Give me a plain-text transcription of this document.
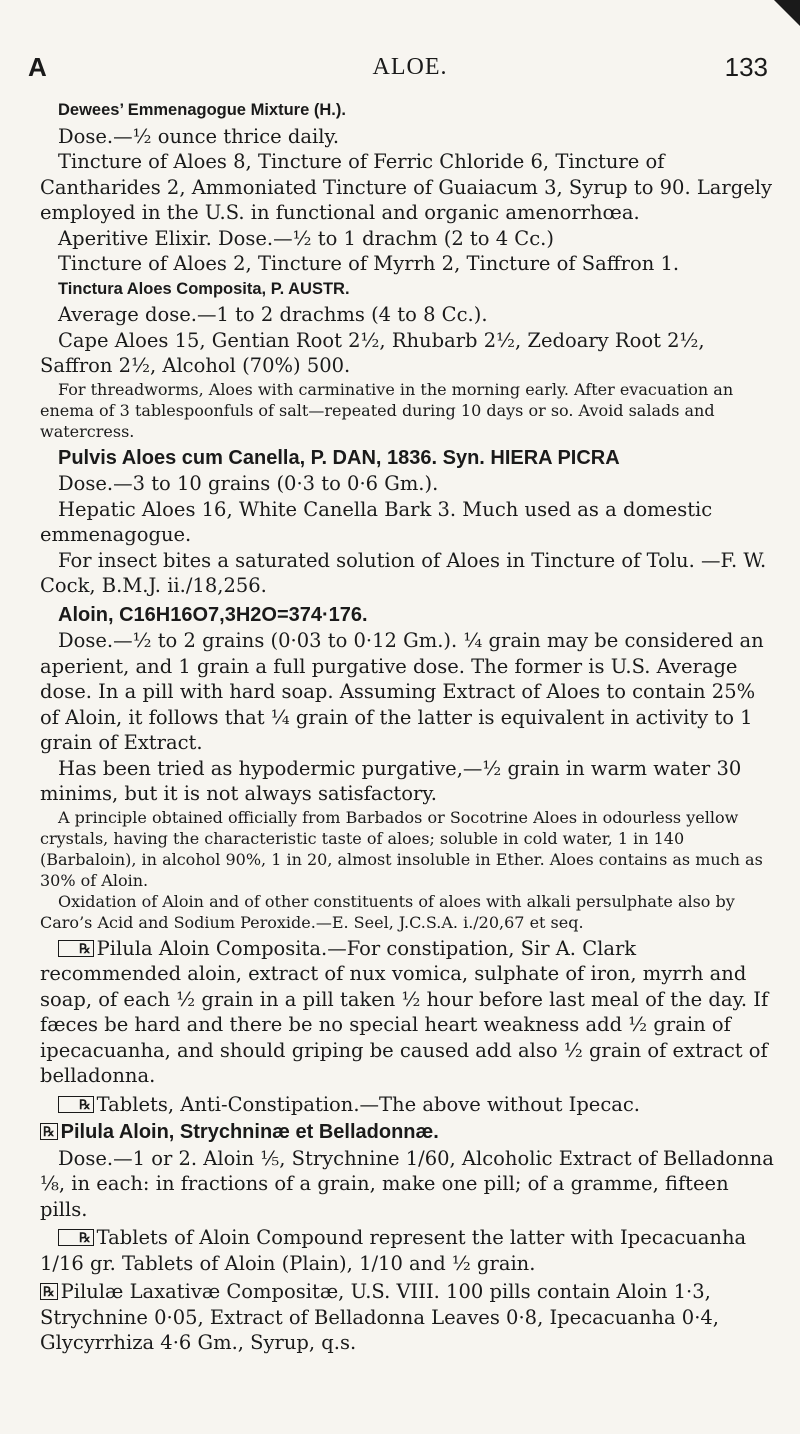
A	ALOE.	133

Dewees’ Emmenagogue Mixture (H.).

Dose.—½ ounce thrice daily.

Tincture of Aloes 8, Tincture of Ferric Chloride 6, Tincture of Cantharides 2, Ammoniated Tincture of Guaiacum 3, Syrup to 90. Largely employed in the U.S. in functional and organic amenorrhœa.

Aperitive Elixir. Dose.—½ to 1 drachm (2 to 4 Cc.)

Tincture of Aloes 2, Tincture of Myrrh 2, Tincture of Saffron 1.

Tinctura Aloes Composita, P. AUSTR.

Average dose.—1 to 2 drachms (4 to 8 Cc.).

Cape Aloes 15, Gentian Root 2½, Rhubarb 2½, Zedoary Root 2½, Saffron 2½, Alcohol (70%) 500.

For threadworms, Aloes with carminative in the morning early. After evacuation an enema of 3 tablespoonfuls of salt—repeated during 10 days or so. Avoid salads and watercress.

Pulvis Aloes cum Canella, P. DAN, 1836. Syn. HIERA PICRA

Dose.—3 to 10 grains (0·3 to 0·6 Gm.).

Hepatic Aloes 16, White Canella Bark 3. Much used as a domestic emmenagogue.

For insect bites a saturated solution of Aloes in Tincture of Tolu. —F. W. Cock, B.M.J. ii./18,256.

Aloin, C16H16O7,3H2O=374·176.

Dose.—½ to 2 grains (0·03 to 0·12 Gm.). ¼ grain may be considered an aperient, and 1 grain a full purgative dose. The former is U.S. Average dose. In a pill with hard soap. Assuming Extract of Aloes to contain 25% of Aloin, it follows that ¼ grain of the latter is equivalent in activity to 1 grain of Extract.

Has been tried as hypodermic purgative,—½ grain in warm water 30 minims, but it is not always satisfactory.

A principle obtained officially from Barbados or Socotrine Aloes in odourless yellow crystals, having the characteristic taste of aloes; soluble in cold water, 1 in 140 (Barbaloin), in alcohol 90%, 1 in 20, almost insoluble in Ether. Aloes contains as much as 30% of Aloin.

Oxidation of Aloin and of other constituents of aloes with alkali persulphate also by Caro’s Acid and Sodium Peroxide.—E. Seel, J.C.S.A. i./20,67 et seq.

℞ Pilula Aloin Composita.—For constipation, Sir A. Clark recommended aloin, extract of nux vomica, sulphate of iron, myrrh and soap, of each ½ grain in a pill taken ½ hour before last meal of the day. If fæces be hard and there be no special heart weakness add ½ grain of ipecacuanha, and should griping be caused add also ½ grain of extract of belladonna.

℞ Tablets, Anti-Constipation.—The above without Ipecac.

℞ Pilula Aloin, Strychninæ et Belladonnæ.

Dose.—1 or 2. Aloin ⅕, Strychnine 1/60, Alcoholic Extract of Belladonna ⅛, in each: in fractions of a grain, make one pill; of a gramme, fifteen pills.

℞ Tablets of Aloin Compound represent the latter with Ipecacuanha 1/16 gr. Tablets of Aloin (Plain), 1/10 and ½ grain.

℞ Pilulæ Laxativæ Compositæ, U.S. VIII. 100 pills contain Aloin 1·3, Strychnine 0·05, Extract of Belladonna Leaves 0·8, Ipecacuanha 0·4, Glycyrrhiza 4·6 Gm., Syrup, q.s.
